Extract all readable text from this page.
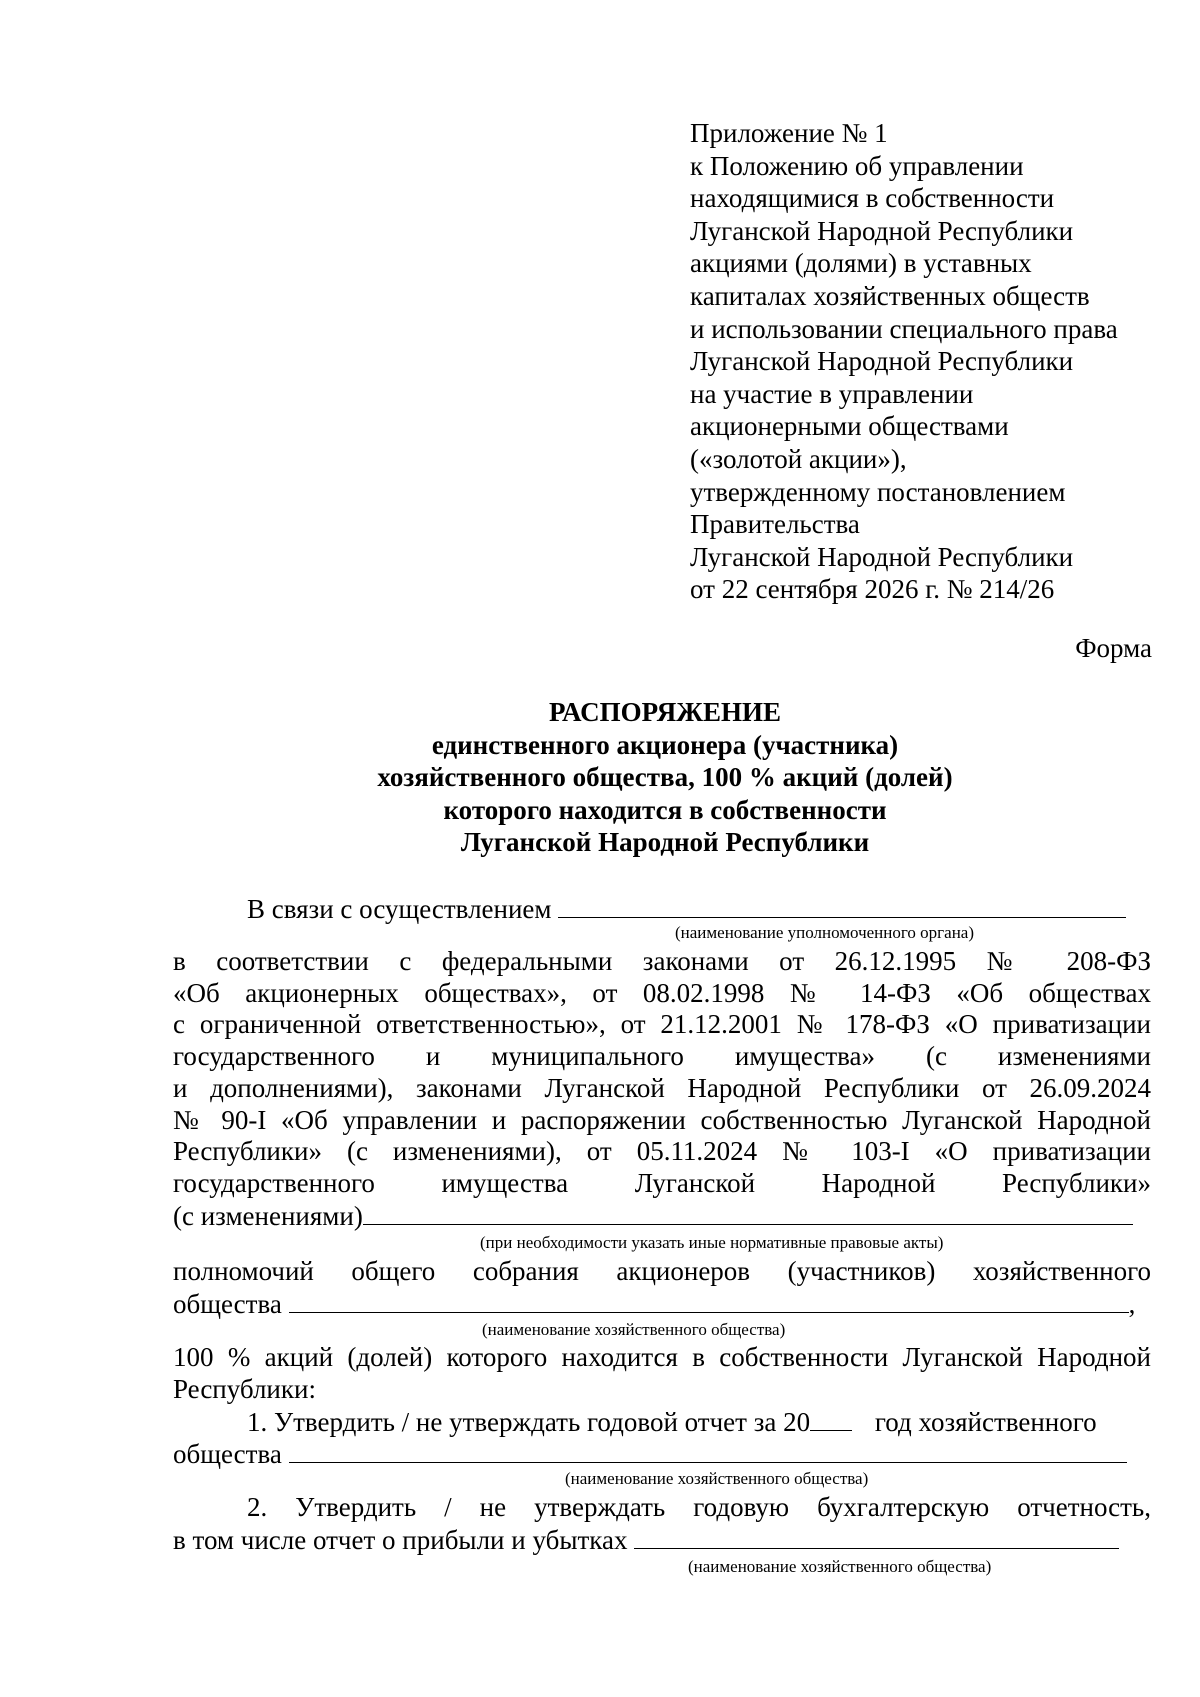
Приложение № 1
к Положению об управлении
находящимися в собственности
Луганской Народной Республики
акциями (долями) в уставных
капиталах хозяйственных обществ
и использовании специального права
Луганской Народной Республики
на участие в управлении
акционерными обществами
(«золотой акции»),
утвержденному постановлением
Правительства
Луганской Народной Республики
от 22 сентября 2026 г. № 214/26
Форма
РАСПОРЯЖЕНИЕ
единственного акционера (участника)
хозяйственного общества, 100 % акций (долей)
которого находится в собственности
Луганской Народной Республики
В связи с осуществлением
(наименование уполномоченного органа)
в соответствии с федеральными законами от 26.12.1995 № 208-ФЗ
«Об акционерных обществах», от 08.02.1998 № 14-ФЗ «Об обществах
с ограниченной ответственностью», от 21.12.2001 № 178-ФЗ «О приватизации
государственного и муниципального имущества» (с изменениями
и дополнениями), законами Луганской Народной Республики от 26.09.2024
№ 90-I «Об управлении и распоряжении собственностью Луганской Народной
Республики» (с изменениями), от 05.11.2024 № 103-I «О приватизации
государственного имущества Луганской Народной Республики»
(с изменениями)
(при необходимости указать иные нормативные правовые акты)
полномочий общего собрания акционеров (участников) хозяйственного
общества	,
(наименование хозяйственного общества)
100 % акций (долей) которого находится в собственности Луганской Народной
Республики:
1. Утвердить / не утверждать годовой отчет за 20 год хозяйственного
общества
(наименование хозяйственного общества)
2. Утвердить / не утверждать годовую бухгалтерскую отчетность,
в том числе отчет о прибыли и убытках
(наименование хозяйственного общества)
